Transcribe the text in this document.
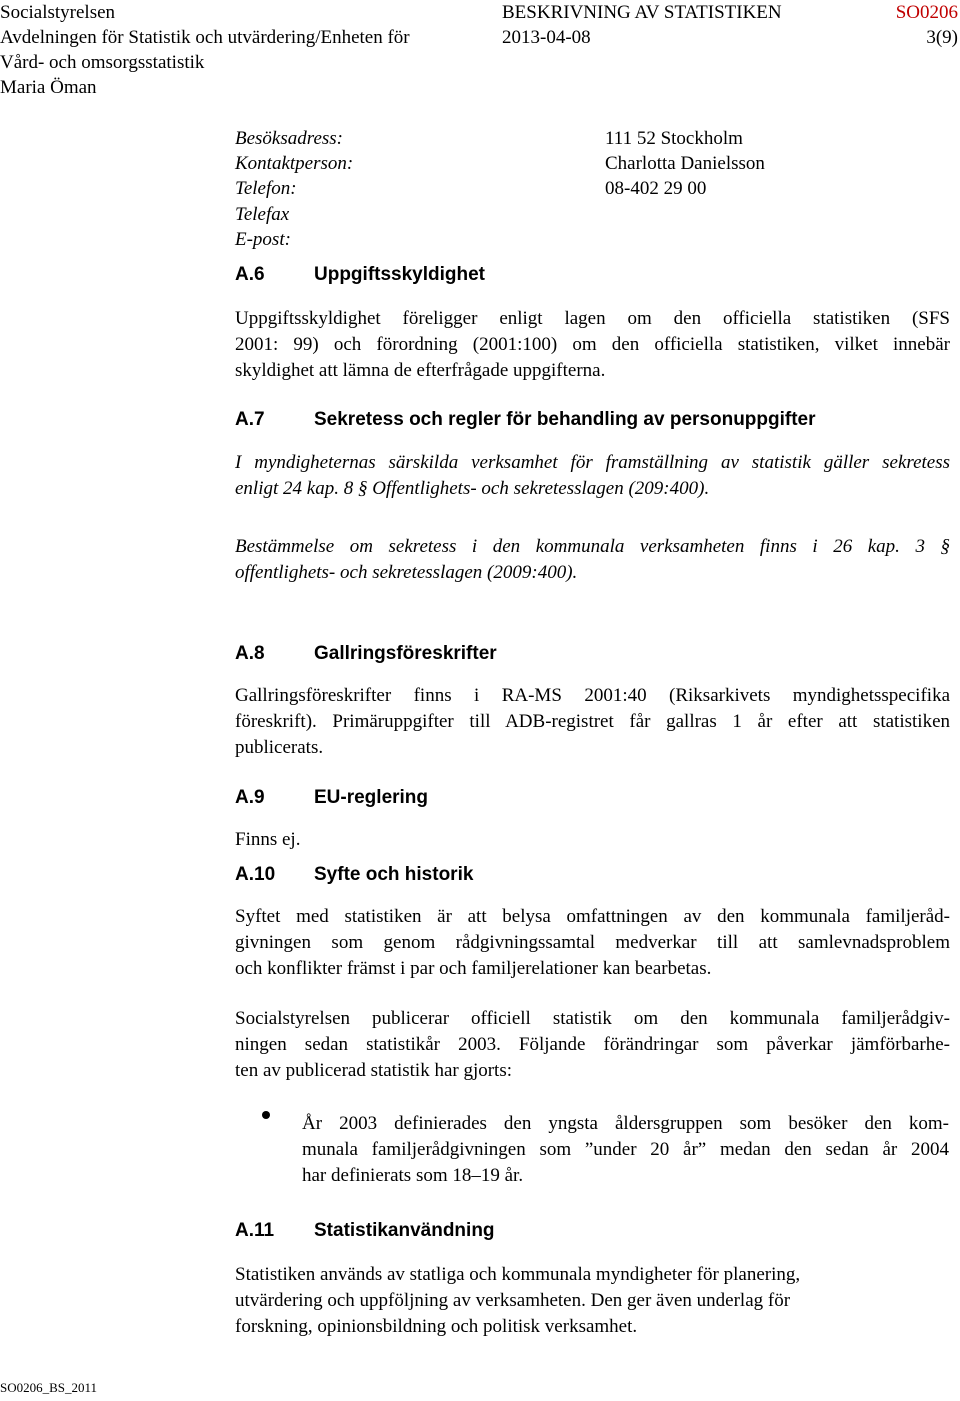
Socialstyrelsen
Avdelningen för Statistik och utvärdering/Enheten för
Vård- och omsorgsstatistik
Maria Öman
BESKRIVNING AV STATISTIKEN	SO0206
2013-04-08	3(9)
Besöksadress:	111 52 Stockholm
Kontaktperson:	Charlotta Danielsson
Telefon:	08-402 29 00
Telefax
E-post:
A.6	Uppgiftsskyldighet
Uppgiftsskyldighet föreligger enligt lagen om den officiella statistiken (SFS
2001: 99) och förordning (2001:100) om den officiella statistiken, vilket innebär
skyldighet att lämna de efterfrågade uppgifterna.
A.7	Sekretess och regler för behandling av personuppgifter
I myndigheternas särskilda verksamhet för framställning av statistik gäller sekretess
enligt 24 kap. 8 § Offentlighets- och sekretesslagen (209:400).
Bestämmelse om sekretess i den kommunala verksamheten finns i 26 kap. 3 §
offentlighets- och sekretesslagen (2009:400).
A.8	Gallringsföreskrifter
Gallringsföreskrifter finns i RA-MS 2001:40 (Riksarkivets myndighetsspecifika
föreskrift). Primäruppgifter till ADB-registret får gallras 1 år efter att statistiken
publicerats.
A.9	EU-reglering
Finns ej.
A.10 Syfte och historik
Syftet med statistiken är att belysa omfattningen av den kommunala familjeråd-
givningen som genom rådgivningssamtal medverkar till att samlevnadsproblem
och konflikter främst i par och familjerelationer kan bearbetas.
Socialstyrelsen publicerar officiell statistik om den kommunala familjerådgiv-
ningen sedan statistikår 2003. Följande förändringar som påverkar jämförbarhe-
ten av publicerad statistik har gjorts:
År 2003 definierades den yngsta åldersgruppen som besöker den kom-
munala familjerådgivningen som ”under 20 år” medan den sedan år 2004
har definierats som 18–19 år.
A.11 Statistikanvändning
Statistiken används av statliga och kommunala myndigheter för planering,
utvärdering och uppföljning av verksamheten. Den ger även underlag för
forskning, opinionsbildning och politisk verksamhet.
SO0206_BS_2011
